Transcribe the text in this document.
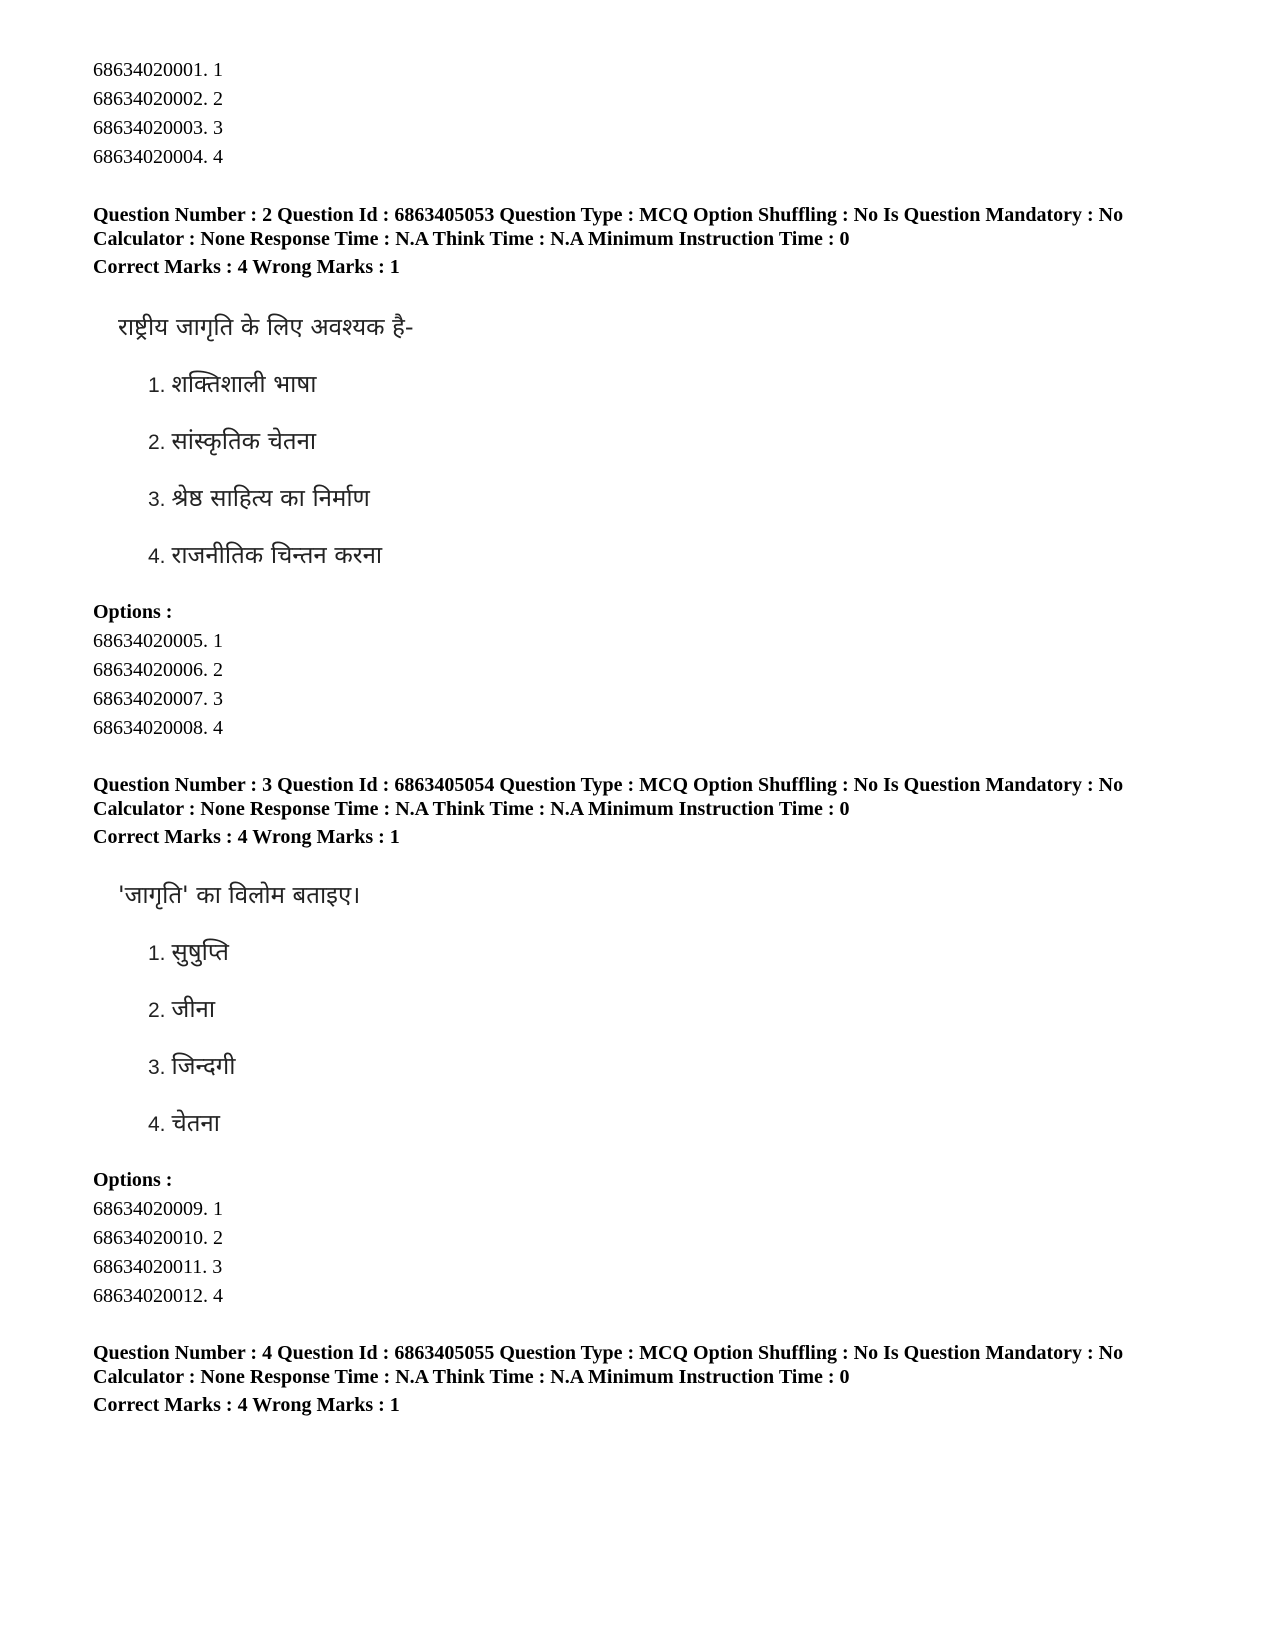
68634020001. 1
68634020002. 2
68634020003. 3
68634020004. 4
Question Number : 2 Question Id : 6863405053 Question Type : MCQ Option Shuffling : No Is Question Mandatory : No
Calculator : None Response Time : N.A Think Time : N.A Minimum Instruction Time : 0
Correct Marks : 4 Wrong Marks : 1
राष्ट्रीय जागृति के लिए अवश्यक है-
1. शक्तिशाली भाषा
2. सांस्कृतिक चेतना
3. श्रेष्ठ साहित्य का निर्माण
4. राजनीतिक चिन्तन करना
Options :
68634020005. 1
68634020006. 2
68634020007. 3
68634020008. 4
Question Number : 3 Question Id : 6863405054 Question Type : MCQ Option Shuffling : No Is Question Mandatory : No
Calculator : None Response Time : N.A Think Time : N.A Minimum Instruction Time : 0
Correct Marks : 4 Wrong Marks : 1
'जागृति' का विलोम बताइए।
1. सुषुप्ति
2. जीना
3. जिन्दगी
4. चेतना
Options :
68634020009. 1
68634020010. 2
68634020011. 3
68634020012. 4
Question Number : 4 Question Id : 6863405055 Question Type : MCQ Option Shuffling : No Is Question Mandatory : No
Calculator : None Response Time : N.A Think Time : N.A Minimum Instruction Time : 0
Correct Marks : 4 Wrong Marks : 1
